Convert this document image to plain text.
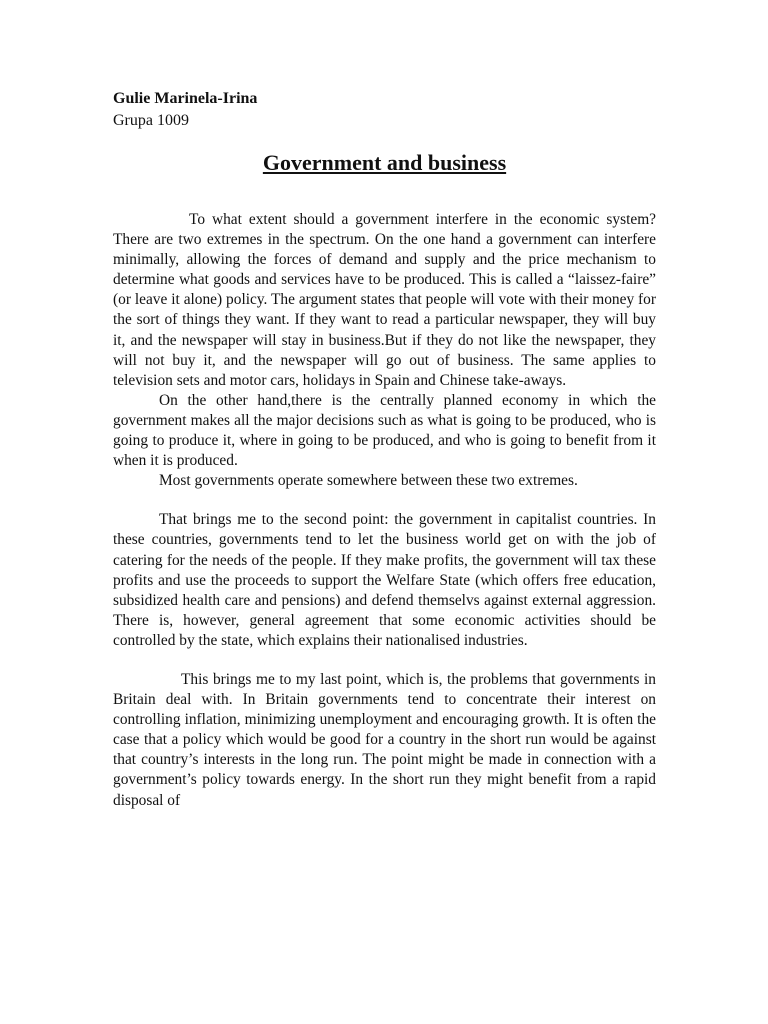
Gulie Marinela-Irina

Grupa 1009

Government and business

To what extent should a government interfere in the economic system? There are two extremes in the spectrum. On the one hand a government can interfere minimally, allowing the forces of demand and supply and the price mechanism to determine what goods and services have to be produced. This is called a “laissez-faire” (or leave it alone) policy. The argument states that people will vote with their money for the sort of things they want. If they want to read a particular newspaper, they will buy it, and the newspaper will stay in business.But if they do not like the newspaper, they will not buy it, and the newspaper will go out of business. The same applies to television sets and motor cars, holidays in Spain and Chinese take-aways.

On the other hand,there is the centrally planned economy in which the government makes all the major decisions such as what is going to be produced, who is going to produce it, where in going to be produced, and who is going to benefit from it when it is produced.

Most governments operate somewhere between these two extremes.

That brings me to the second point: the government in capitalist countries. In these countries, governments tend to let the business world get on with the job of catering for the needs of the people. If they make profits, the government will tax these profits and use the proceeds to support the Welfare State (which offers free education, subsidized health care and pensions) and defend themselvs against external aggression. There is, however, general agreement that some economic activities should be controlled by the state, which explains their nationalised industries.

This brings me to my last point, which is, the problems that governments in Britain deal with. In Britain governments tend to concentrate their interest on controlling inflation, minimizing unemployment and encouraging growth. It is often the case that a policy which would be good for a country in the short run would be against that country’s interests in the long run. The point might be made in connection with a government’s policy towards energy. In the short run they might benefit from a rapid disposal of
